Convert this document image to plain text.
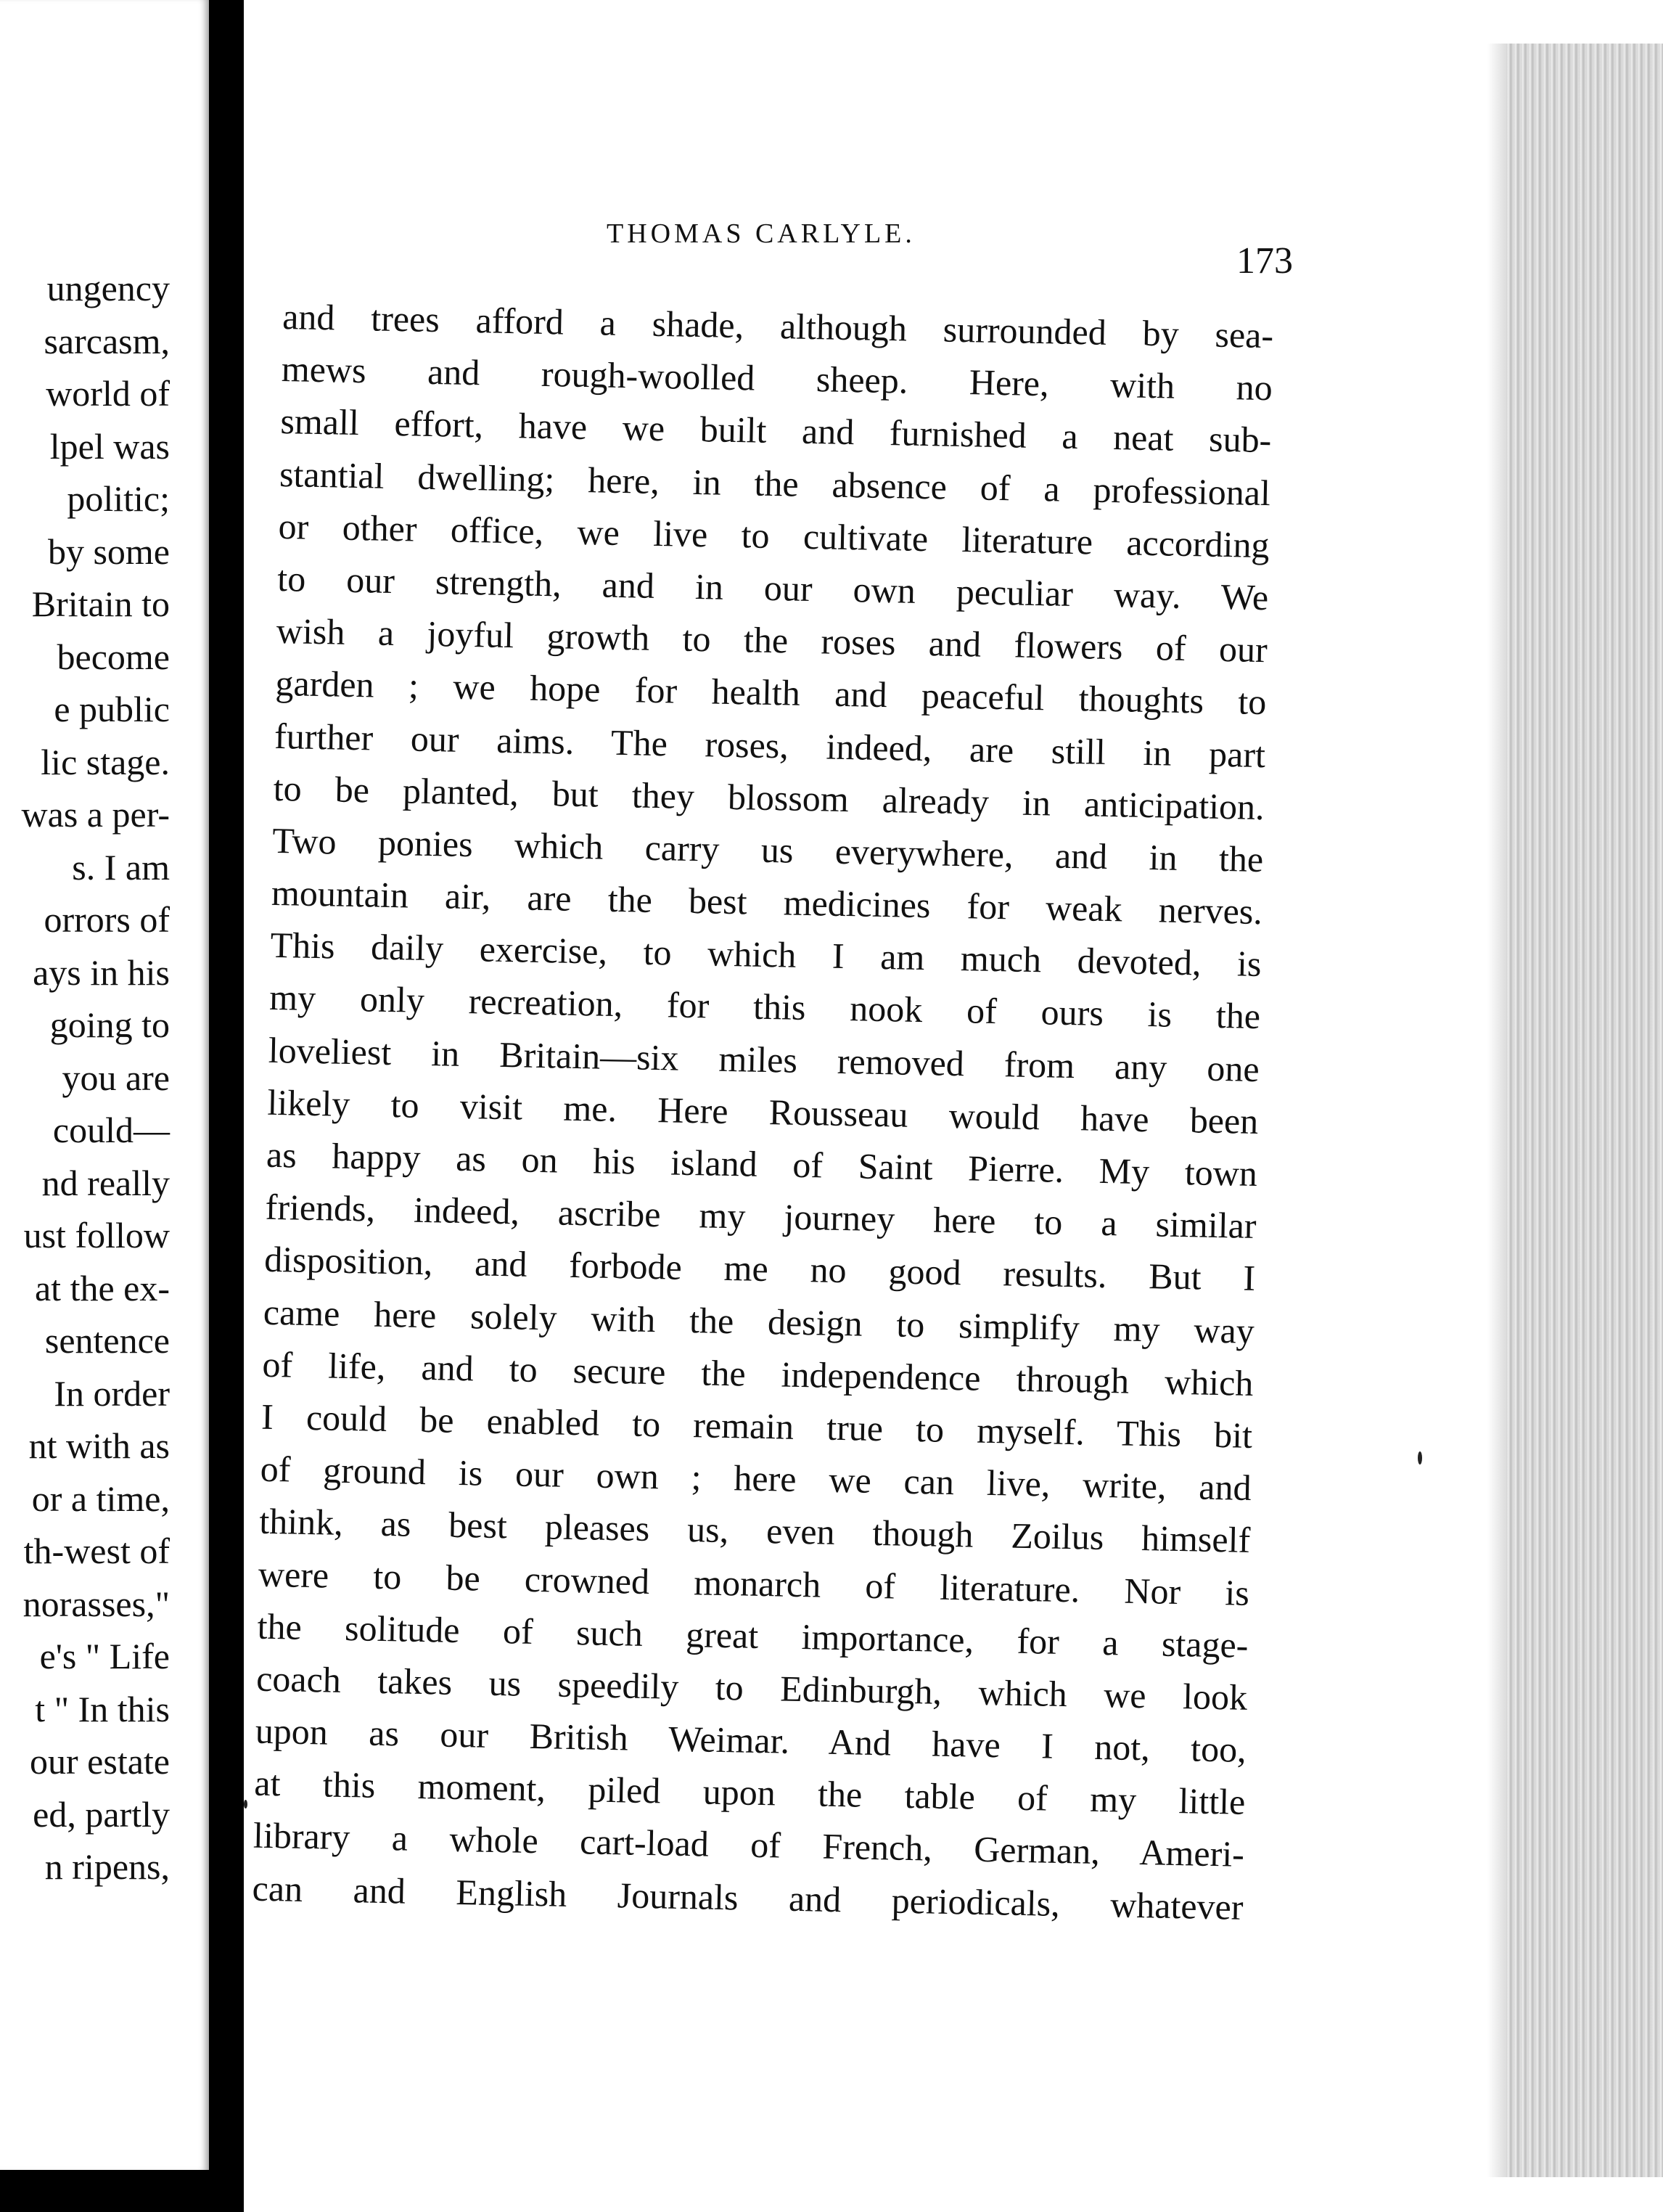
ungency
sarcasm,
world of
lpel was
politic;
by some
Britain to
become
e public
lic stage.
was a per-
s. I am
orrors of
ays in his
going to
you are
could—
nd really
ust follow
at the ex-
sentence
In order
nt with as
or a time,
th-west of
norasses,"
e's " Life
t " In this
our estate
ed, partly
n ripens,
THOMAS CARLYLE.
173
and trees afford a shade, although surrounded by sea-
mews and rough-woolled sheep. Here, with no
small effort, have we built and furnished a neat sub-
stantial dwelling; here, in the absence of a professional
or other office, we live to cultivate literature according
to our strength, and in our own peculiar way. We
wish a joyful growth to the roses and flowers of our
garden ; we hope for health and peaceful thoughts to
further our aims. The roses, indeed, are still in part
to be planted, but they blossom already in anticipation.
Two ponies which carry us everywhere, and in the
mountain air, are the best medicines for weak nerves.
This daily exercise, to which I am much devoted, is
my only recreation, for this nook of ours is the
loveliest in Britain—six miles removed from any one
likely to visit me. Here Rousseau would have been
as happy as on his island of Saint Pierre. My town
friends, indeed, ascribe my journey here to a similar
disposition, and forbode me no good results. But I
came here solely with the design to simplify my way
of life, and to secure the independence through which
I could be enabled to remain true to myself. This bit
of ground is our own ; here we can live, write, and
think, as best pleases us, even though Zoilus himself
were to be crowned monarch of literature. Nor is
the solitude of such great importance, for a stage-
coach takes us speedily to Edinburgh, which we look
upon as our British Weimar. And have I not, too,
at this moment, piled upon the table of my little
library a whole cart-load of French, German, Ameri-
can and English Journals and periodicals, whatever
